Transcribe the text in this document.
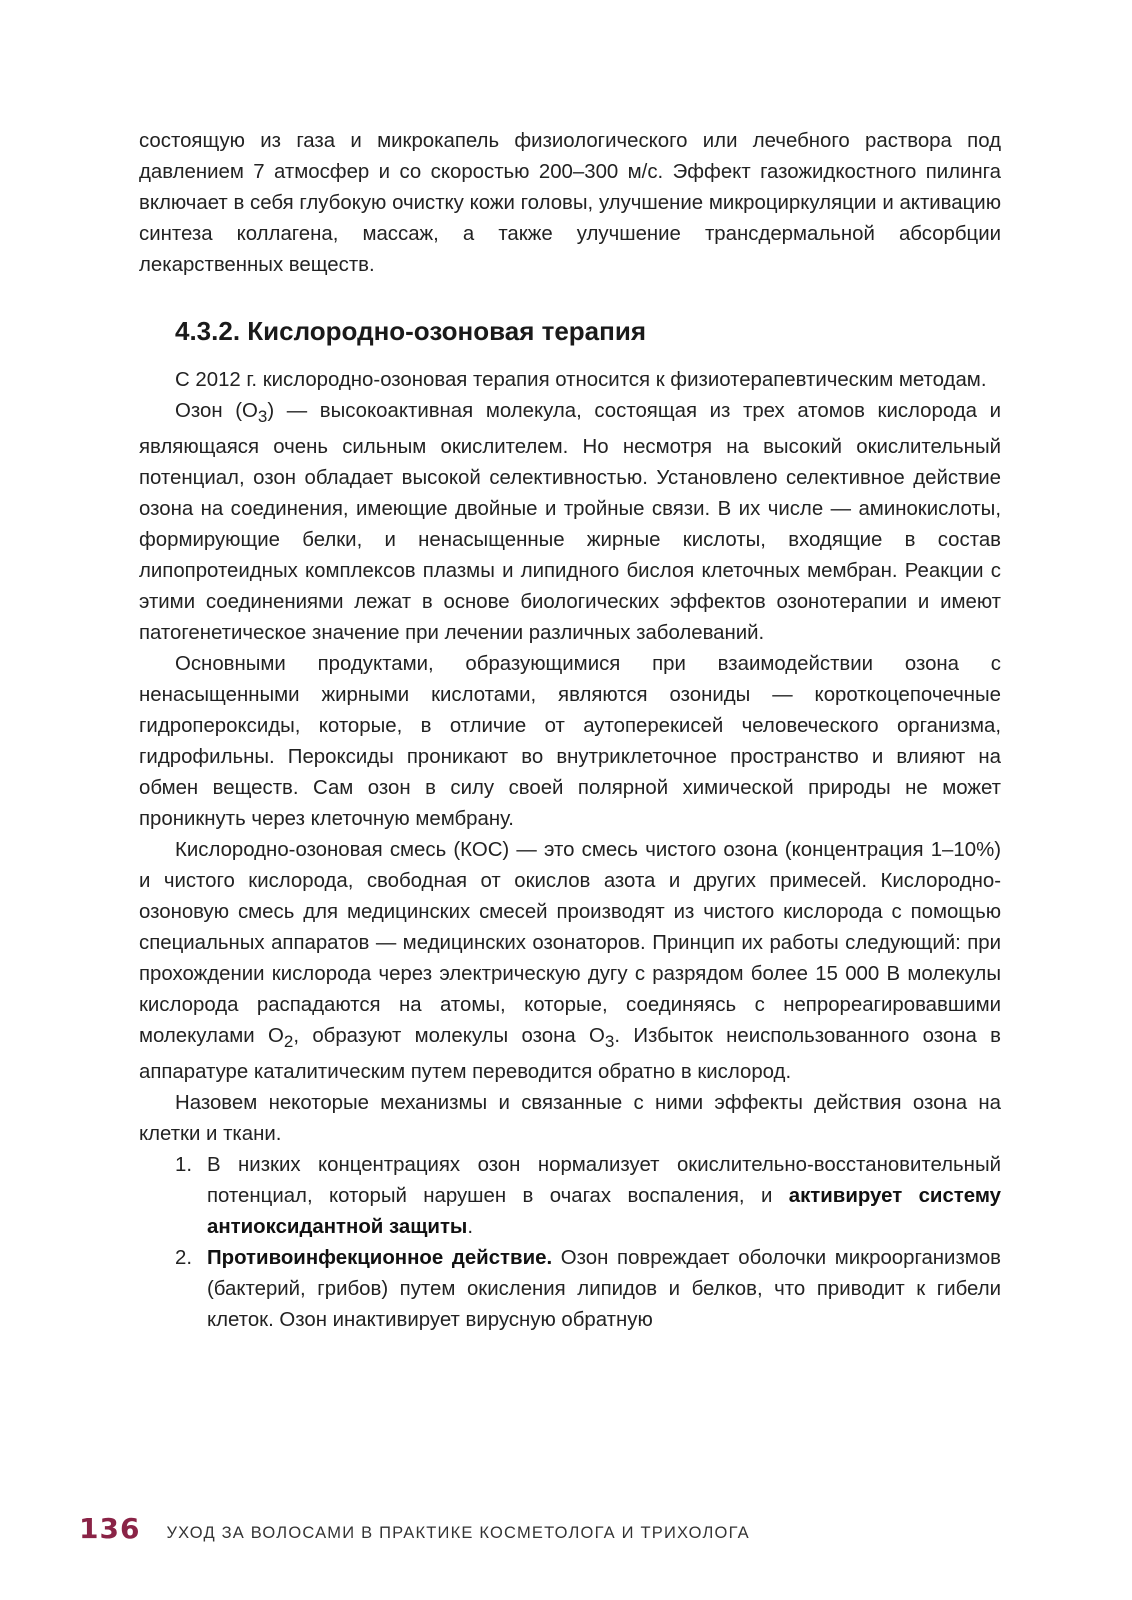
состоящую из газа и микрокапель физиологического или лечебного раствора под давлением 7 атмосфер и со скоростью 200–300 м/с. Эффект газожидкостного пилинга включает в себя глубокую очистку кожи головы, улучшение микроциркуляции и активацию синтеза коллагена, массаж, а также улучшение трансдермальной абсорбции лекарственных веществ.

4.3.2. Кислородно-озоновая терапия

С 2012 г. кислородно-озоновая терапия относится к физиотерапевтическим методам.

Озон $(O_3)$ — высокоактивная молекула, состоящая из трех атомов кислорода и являющаяся очень сильным окислителем. Но несмотря на высокий окислительный потенциал, озон обладает высокой селективностью. Установлено селективное действие озона на соединения, имеющие двойные и тройные связи. В их числе — аминокислоты, формирующие белки, и ненасыщенные жирные кислоты, входящие в состав липопротеидных комплексов плазмы и липидного бислоя клеточных мембран. Реакции с этими соединениями лежат в основе биологических эффектов озонотерапии и имеют патогенетическое значение при лечении различных заболеваний.

Основными продуктами, образующимися при взаимодействии озона с ненасыщенными жирными кислотами, являются озониды — короткоцепочечные гидропероксиды, которые, в отличие от аутоперекисей человеческого организма, гидрофильны. Пероксиды проникают во внутриклеточное пространство и влияют на обмен веществ. Сам озон в силу своей полярной химической природы не может проникнуть через клеточную мембрану.

Кислородно-озоновая смесь (КОС) — это смесь чистого озона (концентрация 1–10%) и чистого кислорода, свободная от окислов азота и других примесей. Кислородно-озоновую смесь для медицинских смесей производят из чистого кислорода с помощью специальных аппаратов — медицинских озонаторов. Принцип их работы следующий: при прохождении кислорода через электрическую дугу с разрядом более 15 000 В молекулы кислорода распадаются на атомы, которые, соединяясь с непрореагировавшими молекулами $O_2$, образуют молекулы озона $O_3$. Избыток неиспользованного озона в аппаратуре каталитическим путем переводится обратно в кислород.

Назовем некоторые механизмы и связанные с ними эффекты действия озона на клетки и ткани.

1. В низких концентрациях озон нормализует окислительно-восстановительный потенциал, который нарушен в очагах воспаления, и активирует систему антиоксидантной защиты.
2. Противоинфекционное действие. Озон повреждает оболочки микроорганизмов (бактерий, грибов) путем окисления липидов и белков, что приводит к гибели клеток. Озон инактивирует вирусную обратную
136 УХОД ЗА ВОЛОСАМИ В ПРАКТИКЕ КОСМЕТОЛОГА И ТРИХОЛОГА
